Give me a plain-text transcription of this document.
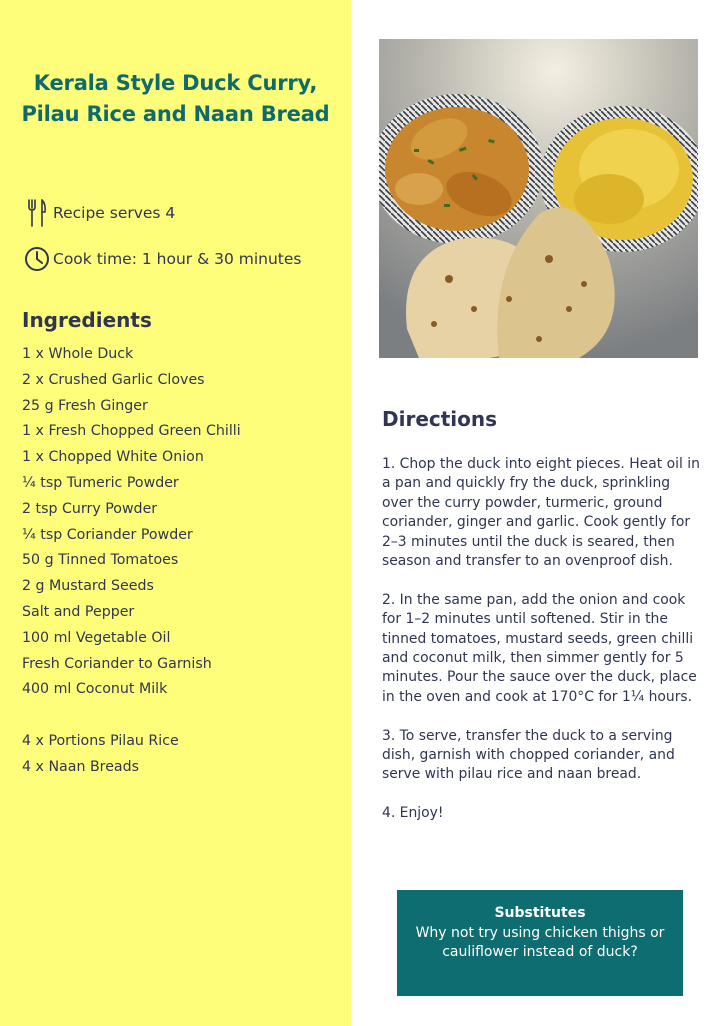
Kerala Style Duck Curry,
Pilau Rice and Naan Bread
Recipe serves 4
Cook time: 1 hour & 30 minutes
Ingredients
1 x Whole Duck
2 x Crushed Garlic Cloves
25 g Fresh Ginger
1 x Fresh Chopped Green Chilli
1 x Chopped White Onion
¼ tsp Tumeric Powder
2 tsp Curry Powder
¼ tsp Coriander Powder
50 g Tinned Tomatoes
2 g Mustard Seeds
Salt and Pepper
100 ml Vegetable Oil
Fresh Coriander to Garnish
400 ml Coconut Milk
4 x Portions Pilau Rice
4 x Naan Breads
Directions

1. Chop the duck into eight pieces. Heat oil in a pan and quickly fry the duck, sprinkling over the curry powder, turmeric, ground coriander, ginger and garlic. Cook gently for 2–3 minutes until the duck is seared, then season and transfer to an ovenproof dish.

2. In the same pan, add the onion and cook for 1–2 minutes until softened. Stir in the tinned tomatoes, mustard seeds, green chilli and coconut milk, then simmer gently for 5 minutes. Pour the sauce over the duck, place in the oven and cook at 170°C for 1¼ hours.

3. To serve, transfer the duck to a serving dish, garnish with chopped coriander, and serve with pilau rice and naan bread.

4. Enjoy!

Substitutes
Why not try using chicken thighs or cauliflower instead of duck?
